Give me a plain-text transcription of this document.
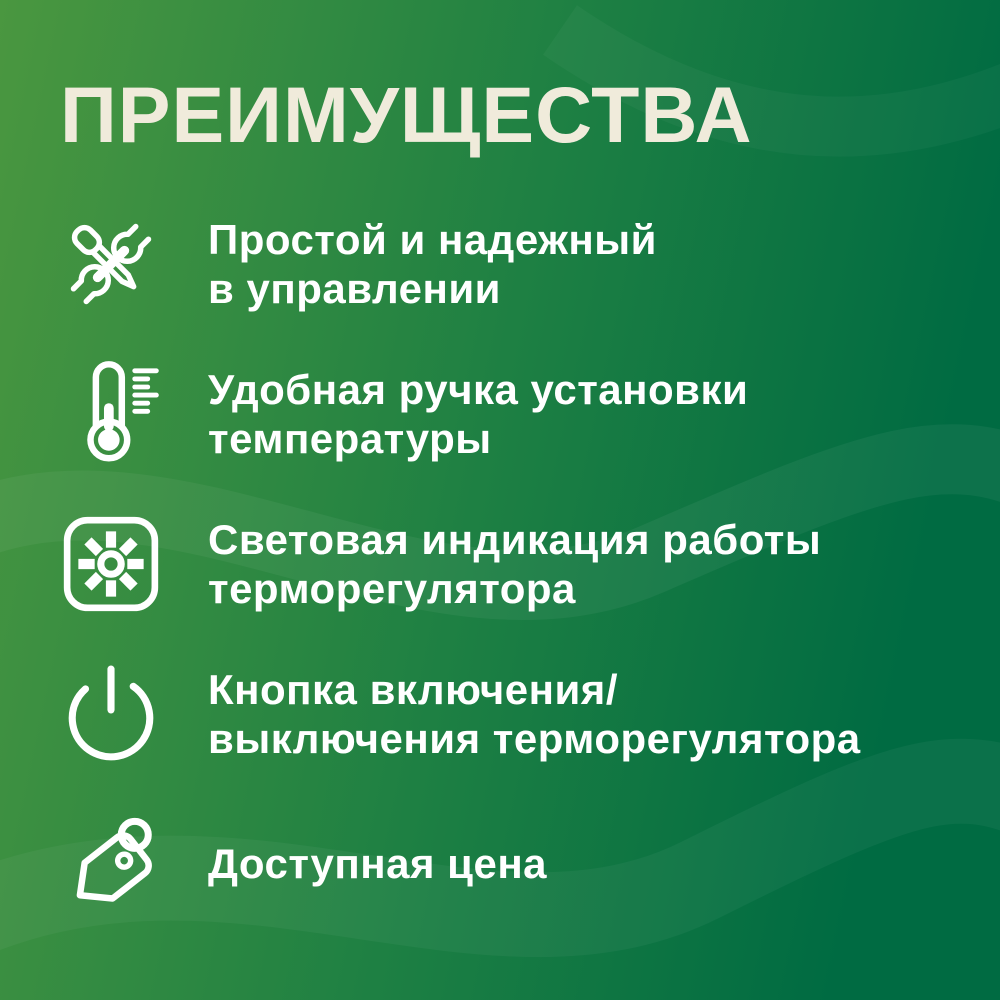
ПРЕИМУЩЕСТВА
Простой и надежный
в управлении
Удобная ручка установки
температуры
Световая индикация работы
терморегулятора
Кнопка включения/
выключения терморегулятора
Доступная цена
